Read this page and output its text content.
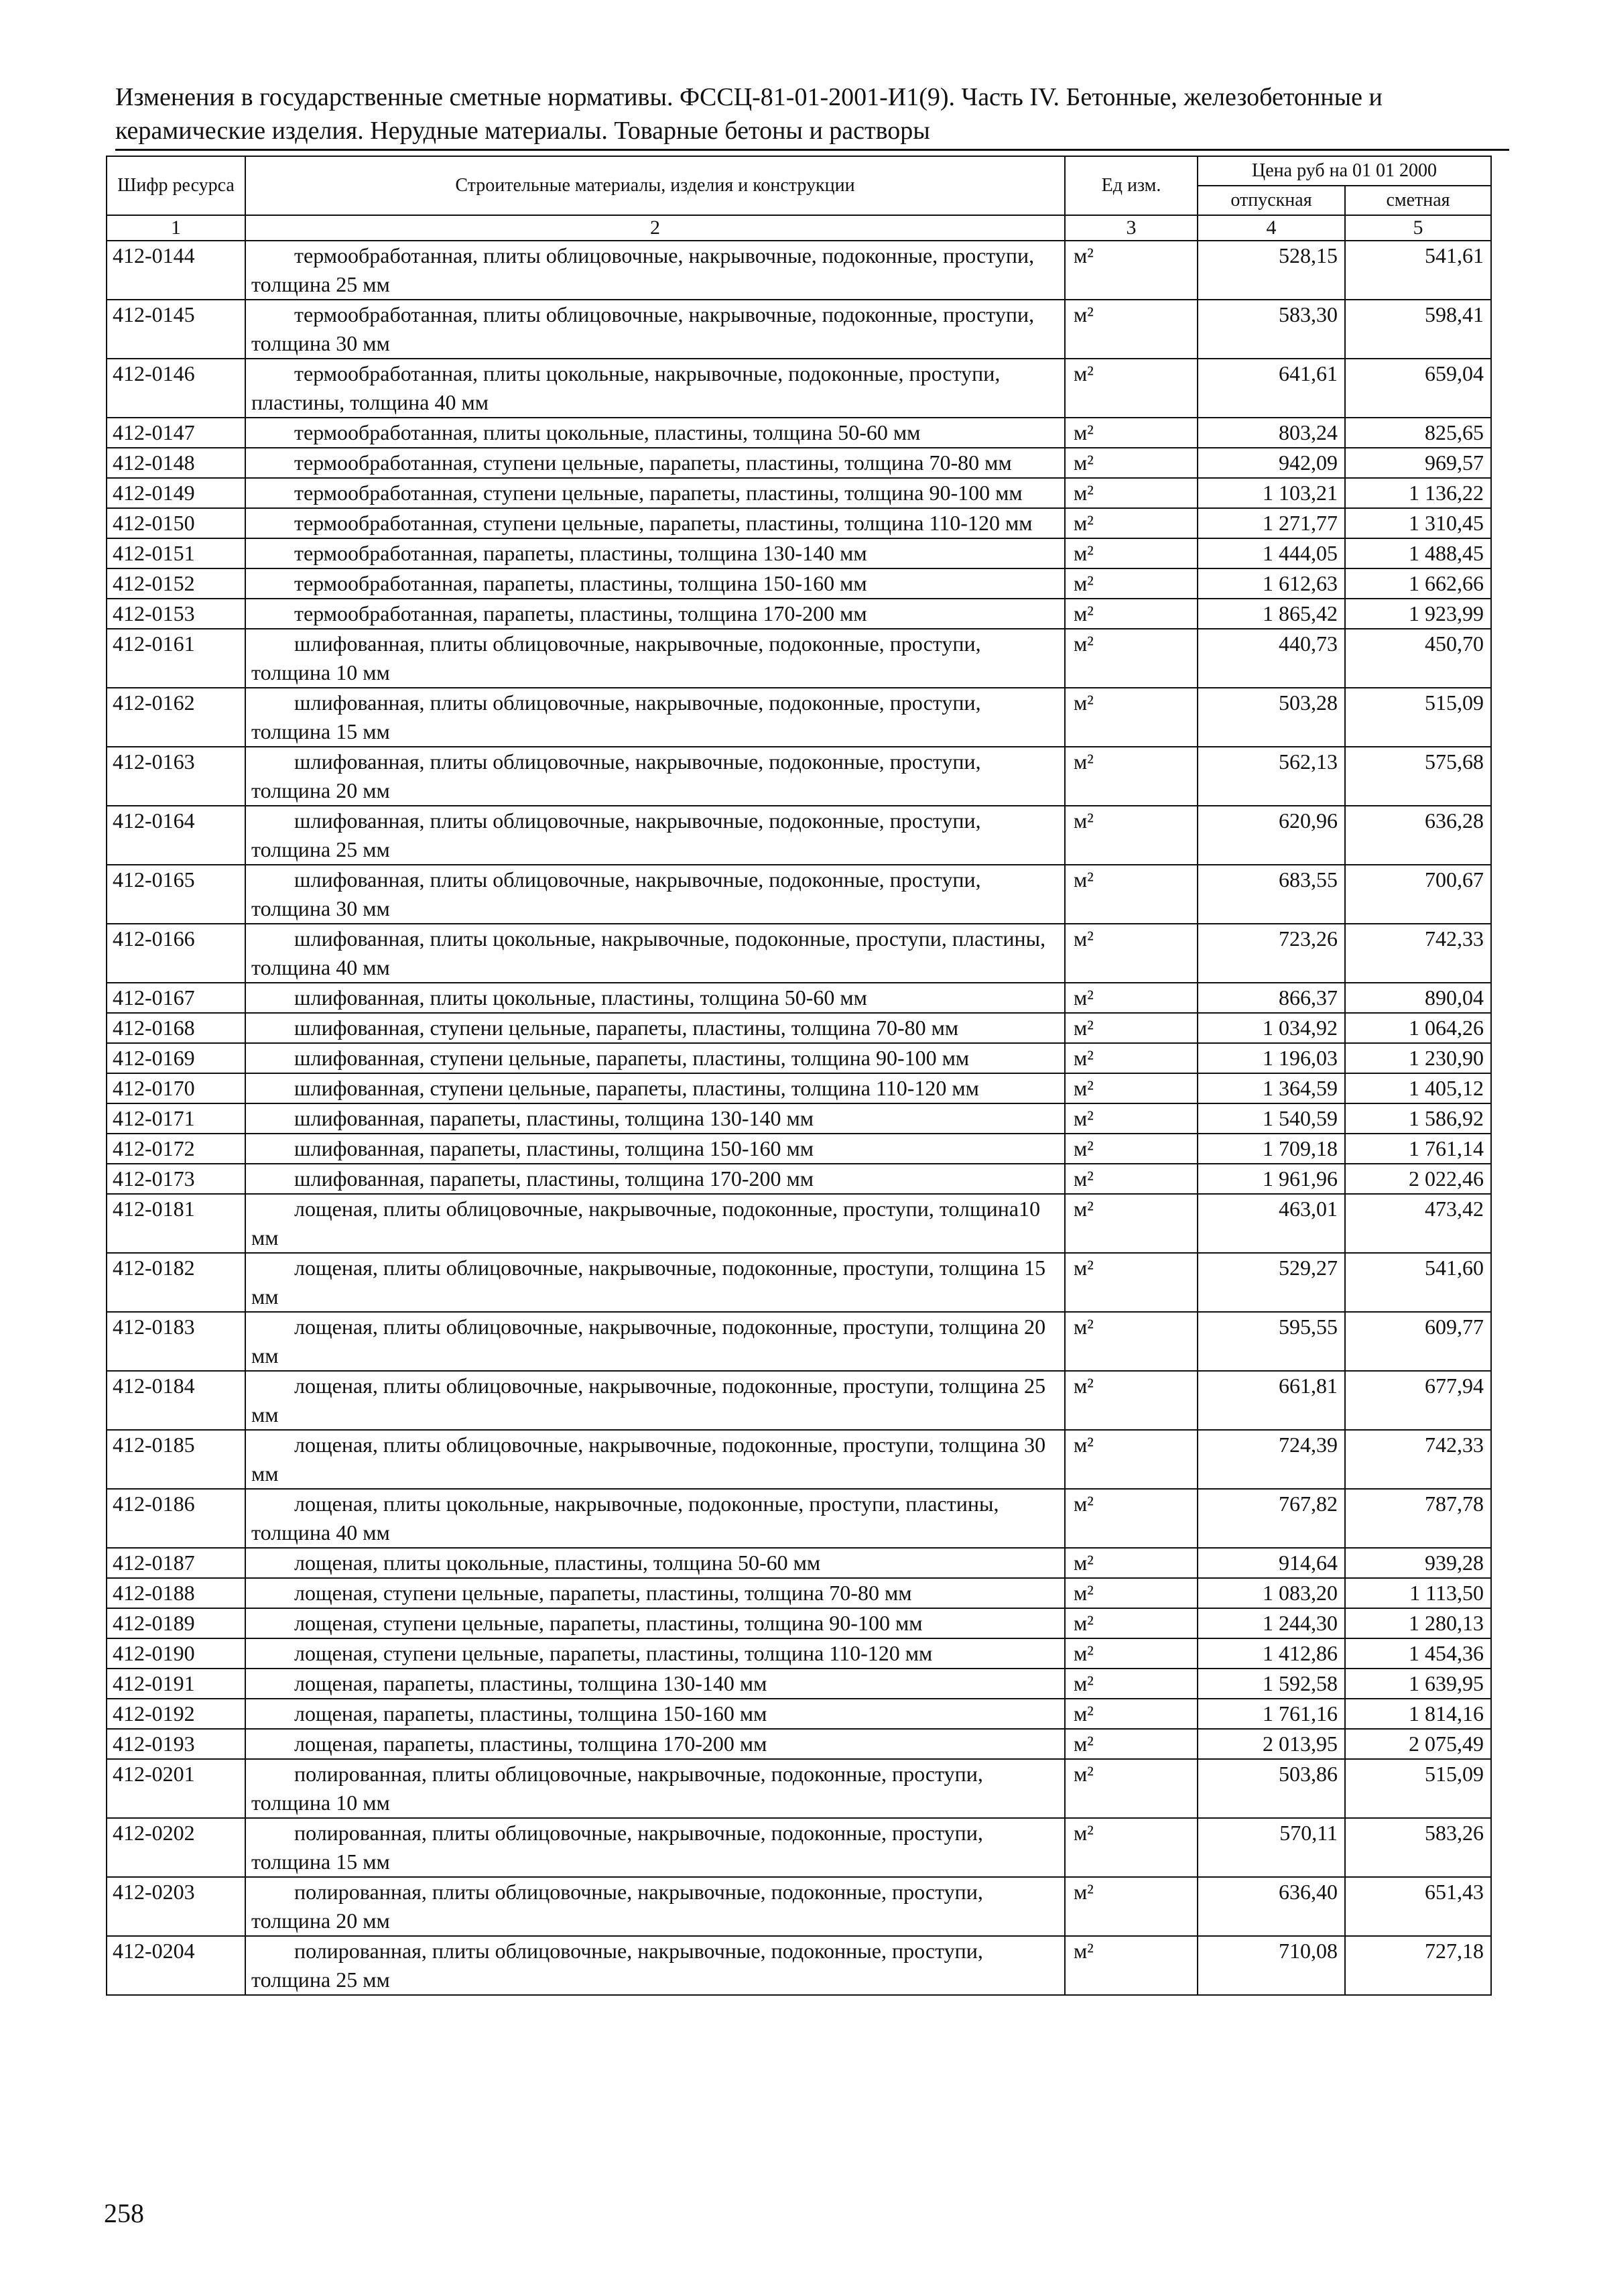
Изменения в государственные сметные нормативы. ФССЦ-81-01-2001-И1(9). Часть IV. Бетонные, железобетонные и керамические изделия. Нерудные материалы. Товарные бетоны и растворы
Шифр ресурса	Строительные материалы, изделия и конструкции	Ед изм.	Цена руб на 01 01 2000	
			отпускная	сметная
1	2	3	4	5
412-0144	термообработанная, плиты облицовочные, накрывочные, подоконные, проступи, толщина 25 мм	м²	528,15	541,61
412-0145	термообработанная, плиты облицовочные, накрывочные, подоконные, проступи, толщина 30 мм	м²	583,30	598,41
412-0146	термообработанная, плиты цокольные, накрывочные, подоконные, проступи, пластины, толщина 40 мм	м²	641,61	659,04
412-0147	термообработанная, плиты цокольные, пластины, толщина 50-60 мм	м²	803,24	825,65
412-0148	термообработанная, ступени цельные, парапеты, пластины, толщина 70-80 мм	м²	942,09	969,57
412-0149	термообработанная, ступени цельные, парапеты, пластины, толщина 90-100 мм	м²	1 103,21	1 136,22
412-0150	термообработанная, ступени цельные, парапеты, пластины, толщина 110-120 мм	м²	1 271,77	1 310,45
412-0151	термообработанная, парапеты, пластины, толщина 130-140 мм	м²	1 444,05	1 488,45
412-0152	термообработанная, парапеты, пластины, толщина 150-160 мм	м²	1 612,63	1 662,66
412-0153	термообработанная, парапеты, пластины, толщина 170-200 мм	м²	1 865,42	1 923,99
412-0161	шлифованная, плиты облицовочные, накрывочные, подоконные, проступи, толщина 10 мм	м²	440,73	450,70
412-0162	шлифованная, плиты облицовочные, накрывочные, подоконные, проступи, толщина 15 мм	м²	503,28	515,09
412-0163	шлифованная, плиты облицовочные, накрывочные, подоконные, проступи, толщина 20 мм	м²	562,13	575,68
412-0164	шлифованная, плиты облицовочные, накрывочные, подоконные, проступи, толщина 25 мм	м²	620,96	636,28
412-0165	шлифованная, плиты облицовочные, накрывочные, подоконные, проступи, толщина 30 мм	м²	683,55	700,67
412-0166	шлифованная, плиты цокольные, накрывочные, подоконные, проступи, пластины, толщина 40 мм	м²	723,26	742,33
412-0167	шлифованная, плиты цокольные, пластины, толщина 50-60 мм	м²	866,37	890,04
412-0168	шлифованная, ступени цельные, парапеты, пластины, толщина 70-80 мм	м²	1 034,92	1 064,26
412-0169	шлифованная, ступени цельные, парапеты, пластины, толщина 90-100 мм	м²	1 196,03	1 230,90
412-0170	шлифованная, ступени цельные, парапеты, пластины, толщина 110-120 мм	м²	1 364,59	1 405,12
412-0171	шлифованная, парапеты, пластины, толщина 130-140 мм	м²	1 540,59	1 586,92
412-0172	шлифованная, парапеты, пластины, толщина 150-160 мм	м²	1 709,18	1 761,14
412-0173	шлифованная, парапеты, пластины, толщина 170-200 мм	м²	1 961,96	2 022,46
412-0181	лощеная, плиты облицовочные, накрывочные, подоконные, проступи, толщина10 мм	м²	463,01	473,42
412-0182	лощеная, плиты облицовочные, накрывочные, подоконные, проступи, толщина 15 мм	м²	529,27	541,60
412-0183	лощеная, плиты облицовочные, накрывочные, подоконные, проступи, толщина 20 мм	м²	595,55	609,77
412-0184	лощеная, плиты облицовочные, накрывочные, подоконные, проступи, толщина 25 мм	м²	661,81	677,94
412-0185	лощеная, плиты облицовочные, накрывочные, подоконные, проступи, толщина 30 мм	м²	724,39	742,33
412-0186	лощеная, плиты цокольные, накрывочные, подоконные, проступи, пластины, толщина 40 мм	м²	767,82	787,78
412-0187	лощеная, плиты цокольные, пластины, толщина 50-60 мм	м²	914,64	939,28
412-0188	лощеная, ступени цельные, парапеты, пластины, толщина 70-80 мм	м²	1 083,20	1 113,50
412-0189	лощеная, ступени цельные, парапеты, пластины, толщина 90-100 мм	м²	1 244,30	1 280,13
412-0190	лощеная, ступени цельные, парапеты, пластины, толщина 110-120 мм	м²	1 412,86	1 454,36
412-0191	лощеная, парапеты, пластины, толщина 130-140 мм	м²	1 592,58	1 639,95
412-0192	лощеная, парапеты, пластины, толщина 150-160 мм	м²	1 761,16	1 814,16
412-0193	лощеная, парапеты, пластины, толщина 170-200 мм	м²	2 013,95	2 075,49
412-0201	полированная, плиты облицовочные, накрывочные, подоконные, проступи, толщина 10 мм	м²	503,86	515,09
412-0202	полированная, плиты облицовочные, накрывочные, подоконные, проступи, толщина 15 мм	м²	570,11	583,26
412-0203	полированная, плиты облицовочные, накрывочные, подоконные, проступи, толщина 20 мм	м²	636,40	651,43
412-0204	полированная, плиты облицовочные, накрывочные, подоконные, проступи, толщина 25 мм	м²	710,08	727,18
258
